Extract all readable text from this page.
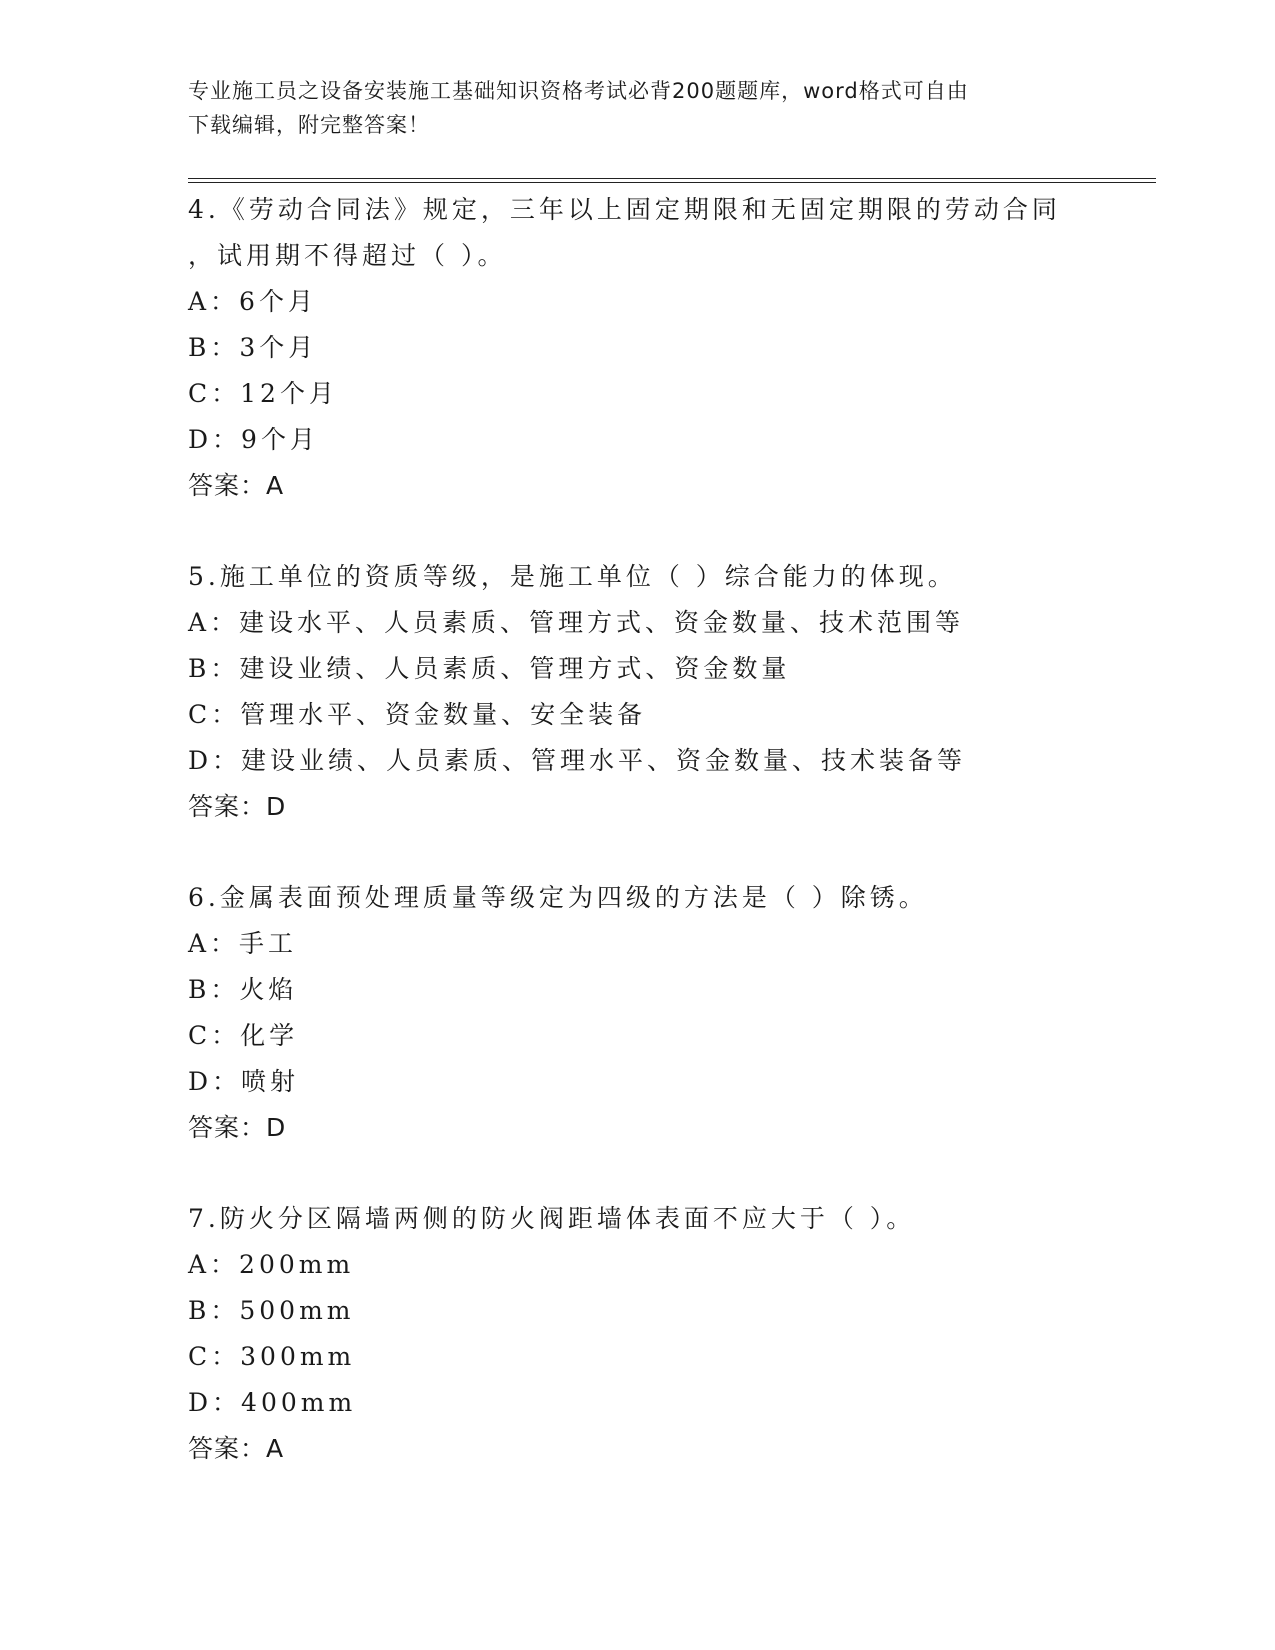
专业施工员之设备安装施工基础知识资格考试必背200题题库，word格式可自由
下载编辑，附完整答案！
4.《劳动合同法》规定，三年以上固定期限和无固定期限的劳动合同
，试用期不得超过（ ）。
A：6个月
B：3个月
C：12个月
D：9个月
答案：A
5.施工单位的资质等级，是施工单位（ ）综合能力的体现。
A：建设水平、人员素质、管理方式、资金数量、技术范围等
B：建设业绩、人员素质、管理方式、资金数量
C：管理水平、资金数量、安全装备
D：建设业绩、人员素质、管理水平、资金数量、技术装备等
答案：D
6.金属表面预处理质量等级定为四级的方法是（ ）除锈。
A：手工
B：火焰
C：化学
D：喷射
答案：D
7.防火分区隔墙两侧的防火阀距墙体表面不应大于（ ）。
A：200mm
B：500mm
C：300mm
D：400mm
答案：A
